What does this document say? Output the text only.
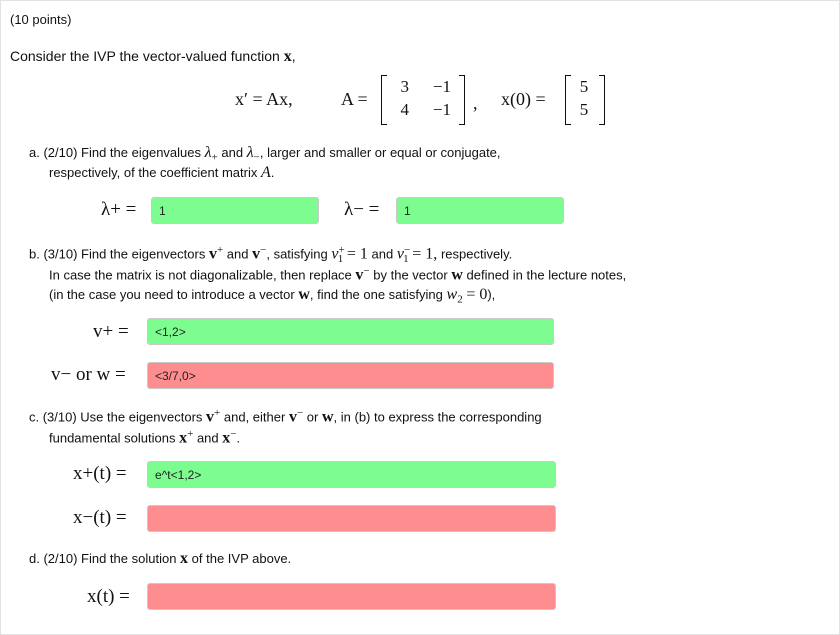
(10 points)
Consider the IVP the vector-valued function x,
x′ = Ax,	A =
3	−1
4	−1 , x(0) =
5
5
a. (2/10) Find the eigenvalues $\lambda_+$ and $\lambda_-$, larger and smaller or equal or conjugate,
respectively, of the coefficient matrix A.
λ+ =
1	λ− =
1
b. (3/10) Find the eigenvectors v+ and v−, satisfying $v^+_1 = 1$ and $v^-_1 = 1$, respectively.
In case the matrix is not diagonalizable, then replace v− by the vector w defined in the lecture notes,
(in the case you need to introduce a vector w, find the one satisfying $w_2 = 0$),
v+ =
<1,2>
v− or w =
<3/7,0>
c. (3/10) Use the eigenvectors v+ and, either v− or w, in (b) to express the corresponding
fundamental solutions x+ and x−.
x+(t) =
e^t<1,2>
x−(t) =
d. (2/10) Find the solution x of the IVP above.
x(t) =
